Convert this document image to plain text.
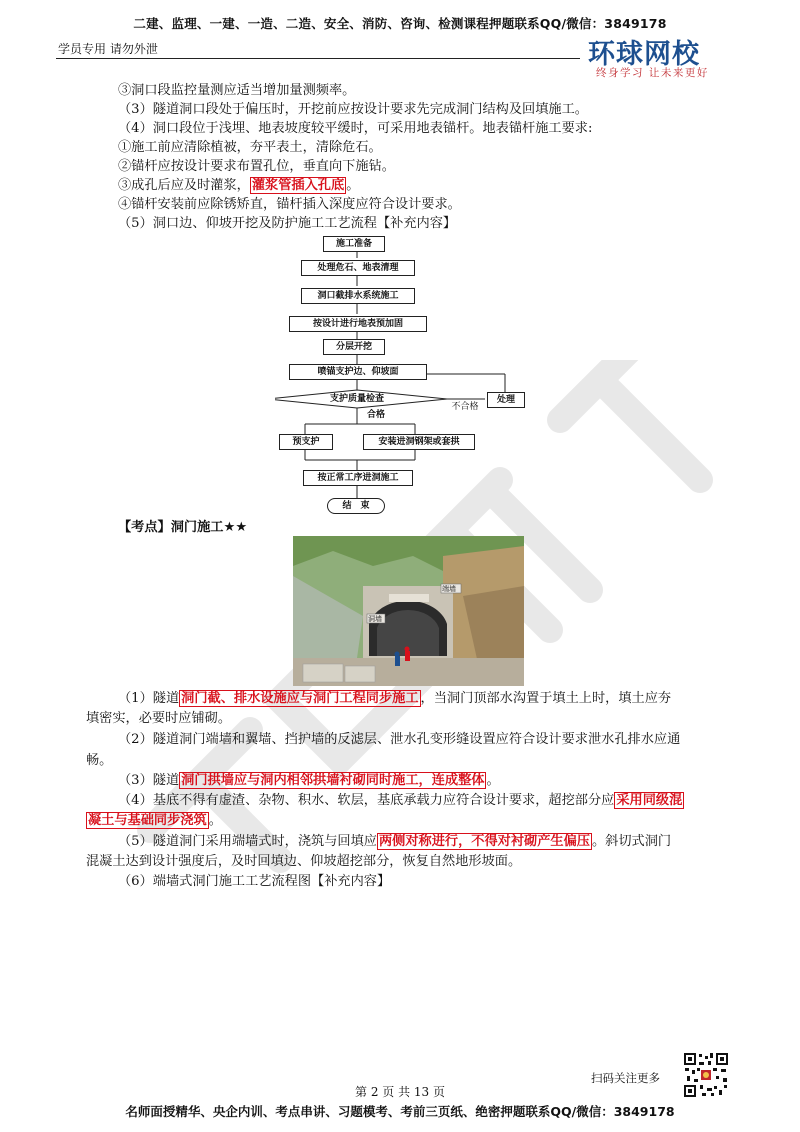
二建、监理、一建、一造、二造、安全、消防、咨询、检测课程押题联系QQ/微信：3849178
学员专用 请勿外泄	环球网校
终身学习 让未来更好
③洞口段监控量测应适当增加量测频率。
（3）隧道洞口段处于偏压时，开挖前应按设计要求先完成洞门结构及回填施工。
（4）洞口段位于浅埋、地表坡度较平缓时，可采用地表锚杆。地表锚杆施工要求:
①施工前应清除植被，夯平表土，清除危石。
②锚杆应按设计要求布置孔位，垂直向下施钻。
③成孔后应及时灌浆， 灌浆管插入孔底 。
④锚杆安装前应除锈矫直，锚杆插入深度应符合设计要求。
（5）洞口边、仰坡开挖及防护施工工艺流程【补充内容】
施工准备
处理危石、地表清理
洞口截排水系统施工
按设计进行地表预加固
分层开挖
喷锚支护边、仰坡面
支护质量检查
不合格
处理
合格
预支护	安装进洞钢架或套拱
按正常工序进洞施工
结　束
【考点】洞门施工★★
端墙
洞墙
（1）隧道 洞门截、排水设施应与洞门工程同步施工 ，当洞门顶部水沟置于填土上时，填土应夯
填密实，必要时应铺砌。
（2）隧道洞门端墙和翼墙、挡护墙的反滤层、泄水孔变形缝设置应符合设计要求泄水孔排水应通
畅。
（3）隧道 洞门拱墙应与洞内相邻拱墙衬砌同时施工，连成整体 。
（4）基底不得有虚渣、杂物、积水、软层，基底承载力应符合设计要求，超挖部分应 采用同级混
凝土与基础同步浇筑 。
（5）隧道洞门采用端墙式时，浇筑与回填应 两侧对称进行，不得对衬砌产生偏压 。斜切式洞门
混凝土达到设计强度后，及时回填边、仰坡超挖部分，恢复自然地形坡面。
（6）端墙式洞门施工工艺流程图【补充内容】
扫码关注更多
第 2 页 共 13 页
名师面授精华、央企内训、考点串讲、习题模考、考前三页纸、绝密押题联系QQ/微信：3849178
